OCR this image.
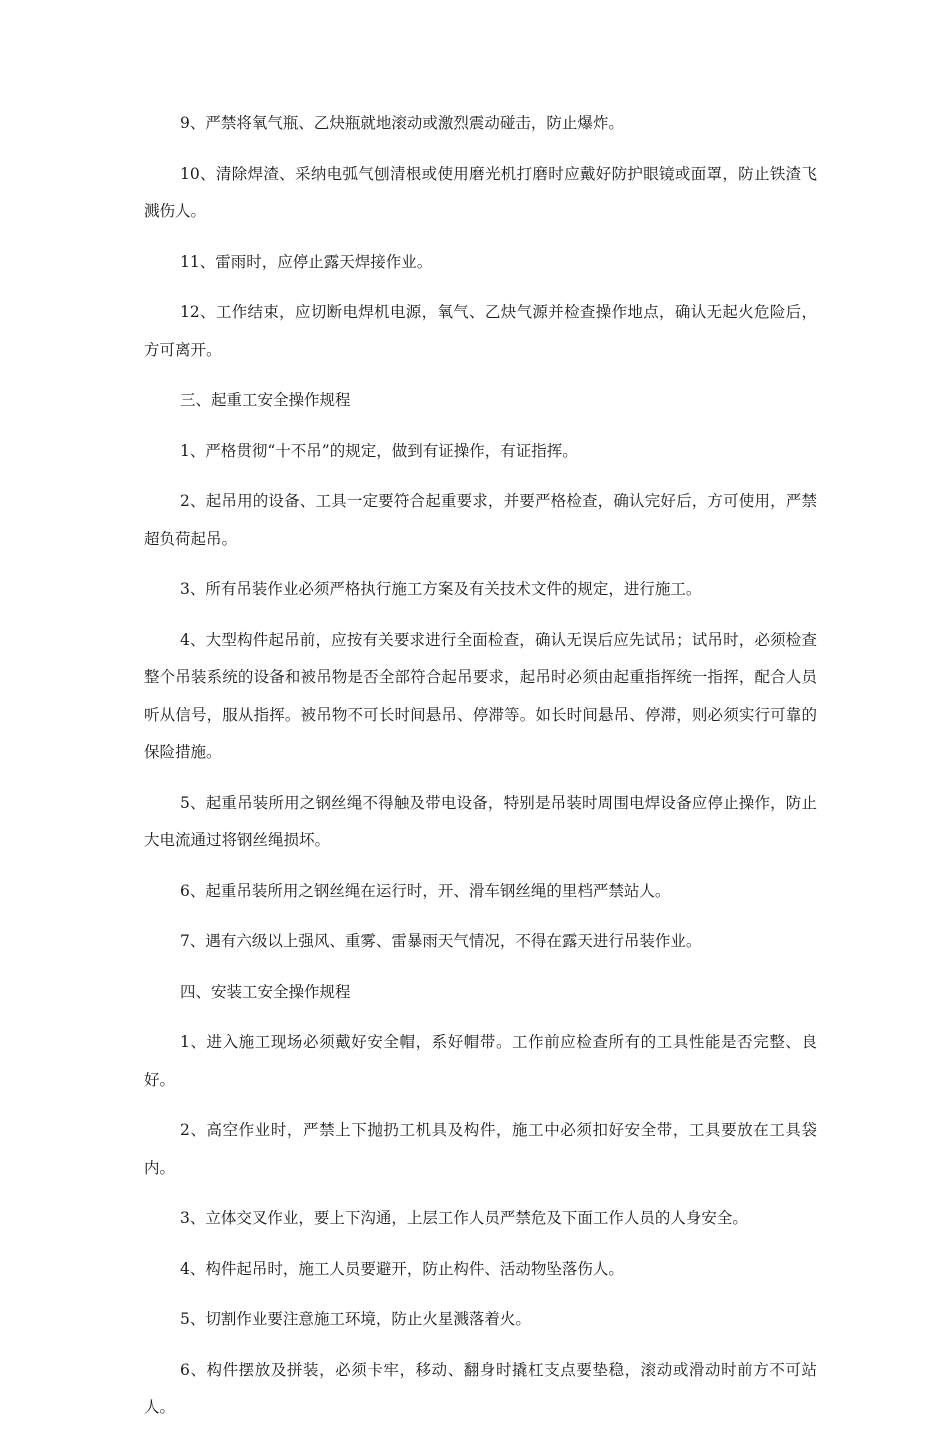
9、严禁将氧气瓶、乙炔瓶就地滚动或激烈震动碰击，防止爆炸。

10、清除焊渣、采纳电弧气刨清根或使用磨光机打磨时应戴好防护眼镜或面罩，防止铁渣飞溅伤人。

11、雷雨时，应停止露天焊接作业。

12、工作结束，应切断电焊机电源，氧气、乙炔气源并检查操作地点，确认无起火危险后，方可离开。

三、起重工安全操作规程

1、严格贯彻“十不吊”的规定，做到有证操作，有证指挥。

2、起吊用的设备、工具一定要符合起重要求，并要严格检查，确认完好后，方可使用，严禁超负荷起吊。

3、所有吊装作业必须严格执行施工方案及有关技术文件的规定，进行施工。

4、大型构件起吊前，应按有关要求进行全面检查，确认无误后应先试吊；试吊时，必须检查整个吊装系统的设备和被吊物是否全部符合起吊要求，起吊时必须由起重指挥统一指挥，配合人员听从信号，服从指挥。被吊物不可长时间悬吊、停滞等。如长时间悬吊、停滞，则必须实行可靠的保险措施。

5、起重吊装所用之钢丝绳不得触及带电设备，特别是吊装时周围电焊设备应停止操作，防止大电流通过将钢丝绳损坏。

6、起重吊装所用之钢丝绳在运行时，开、滑车钢丝绳的里档严禁站人。

7、遇有六级以上强风、重雾、雷暴雨天气情况，不得在露天进行吊装作业。

四、安装工安全操作规程

1、进入施工现场必须戴好安全帽，系好帽带。工作前应检查所有的工具性能是否完整、良好。

2、高空作业时，严禁上下抛扔工机具及构件，施工中必须扣好安全带，工具要放在工具袋内。

3、立体交叉作业，要上下沟通，上层工作人员严禁危及下面工作人员的人身安全。

4、构件起吊时，施工人员要避开，防止构件、活动物坠落伤人。

5、切割作业要注意施工环境，防止火星溅落着火。

6、构件摆放及拼装，必须卡牢，移动、翻身时撬杠支点要垫稳，滚动或滑动时前方不可站人。
